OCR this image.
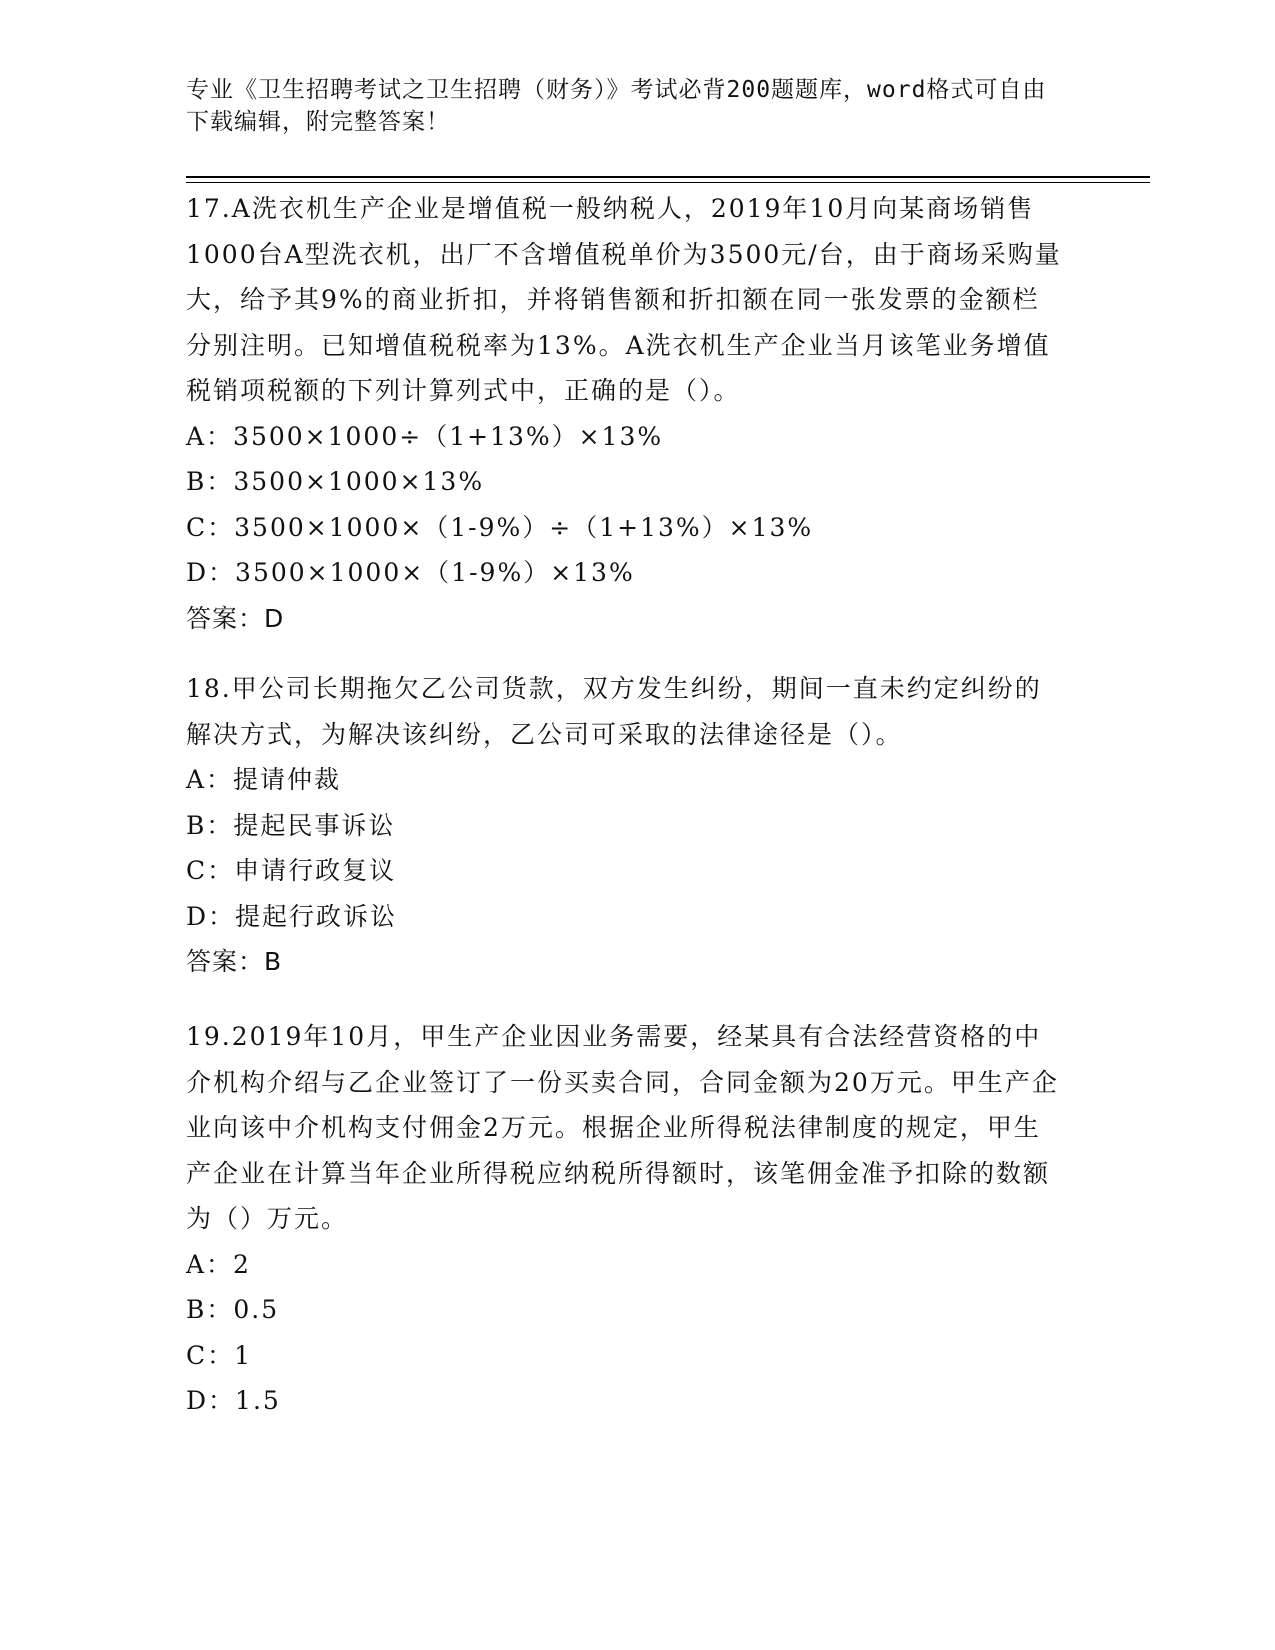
专业《卫生招聘考试之卫生招聘（财务）》考试必背200题题库，word格式可自由下载编辑，附完整答案！

17.A洗衣机生产企业是增值税一般纳税人，2019年10月向某商场销售1000台A型洗衣机，出厂不含增值税单价为3500元/台，由于商场采购量大，给予其9%的商业折扣，并将销售额和折扣额在同一张发票的金额栏分别注明。已知增值税税率为13%。A洗衣机生产企业当月该笔业务增值税销项税额的下列计算列式中，正确的是（）。

A：3500×1000÷（1+13%）×13%

B：3500×1000×13%

C：3500×1000×（1-9%）÷（1+13%）×13%

D：3500×1000×（1-9%）×13%

答案：D

18.甲公司长期拖欠乙公司货款，双方发生纠纷，期间一直未约定纠纷的解决方式，为解决该纠纷，乙公司可采取的法律途径是（）。

A：提请仲裁

B：提起民事诉讼

C：申请行政复议

D：提起行政诉讼

答案：B

19.2019年10月，甲生产企业因业务需要，经某具有合法经营资格的中介机构介绍与乙企业签订了一份买卖合同，合同金额为20万元。甲生产企业向该中介机构支付佣金2万元。根据企业所得税法律制度的规定，甲生产企业在计算当年企业所得税应纳税所得额时，该笔佣金准予扣除的数额为（）万元。

A：2

B：0.5

C：1

D：1.5
